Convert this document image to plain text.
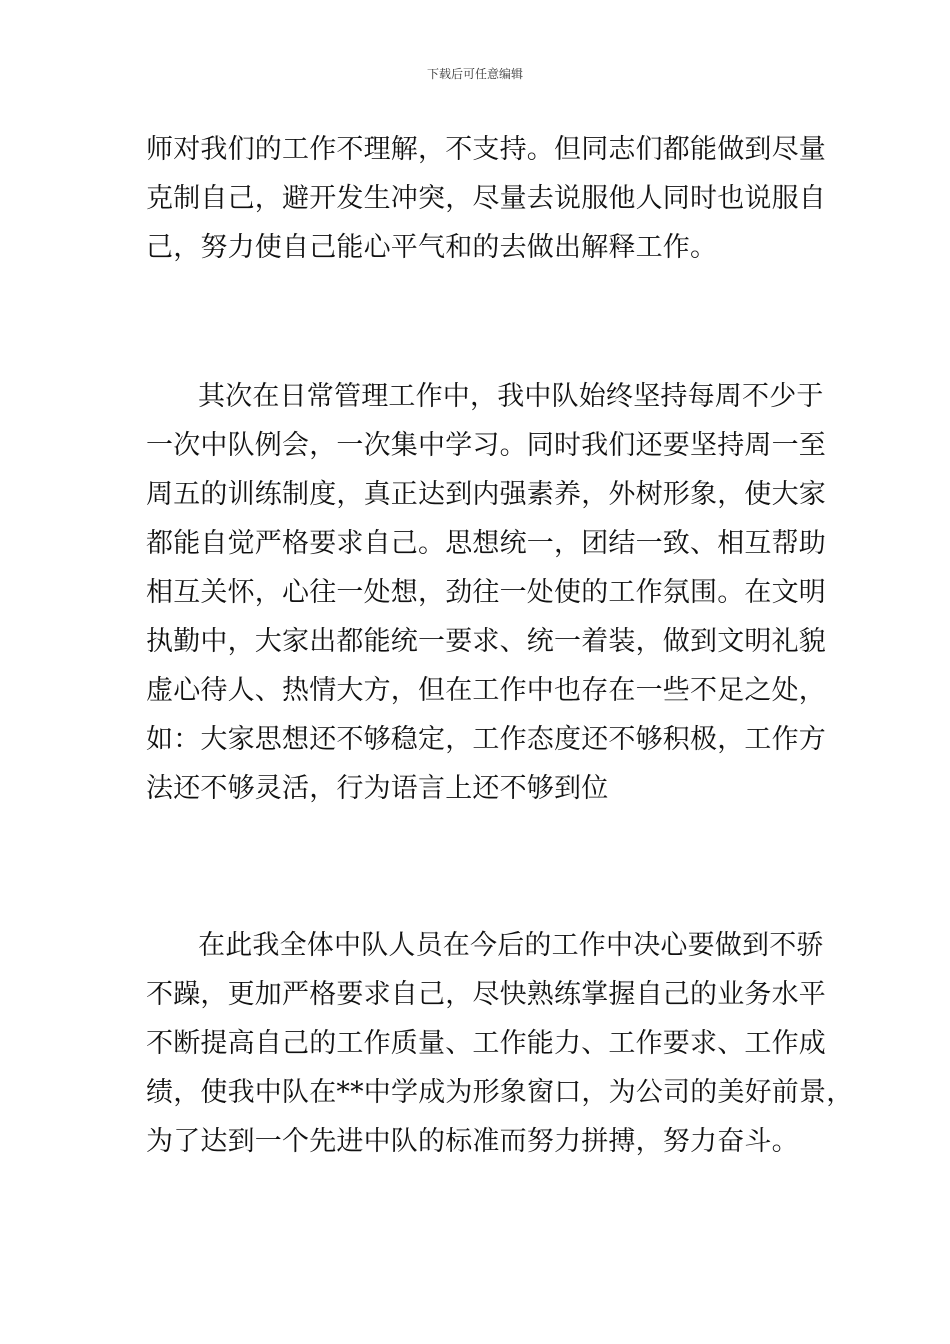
下载后可任意编辑
师对我们的工作不理解，不支持。但同志们都能做到尽量
克制自己，避开发生冲突，尽量去说服他人同时也说服自
己，努力使自己能心平气和的去做出解释工作。
其次在日常管理工作中，我中队始终坚持每周不少于
一次中队例会，一次集中学习。同时我们还要坚持周一至
周五的训练制度，真正达到内强素养，外树形象，使大家
都能自觉严格要求自己。思想统一，团结一致、相互帮助
相互关怀，心往一处想，劲往一处使的工作氛围。在文明
执勤中，大家出都能统一要求、统一着装，做到文明礼貌
虚心待人、热情大方，但在工作中也存在一些不足之处，
如：大家思想还不够稳定，工作态度还不够积极，工作方
法还不够灵活，行为语言上还不够到位
在此我全体中队人员在今后的工作中决心要做到不骄
不躁，更加严格要求自己，尽快熟练掌握自己的业务水平
不断提高自己的工作质量、工作能力、工作要求、工作成
绩，使我中队在**中学成为形象窗口，为公司的美好前景，
为了达到一个先进中队的标准而努力拼搏，努力奋斗。
